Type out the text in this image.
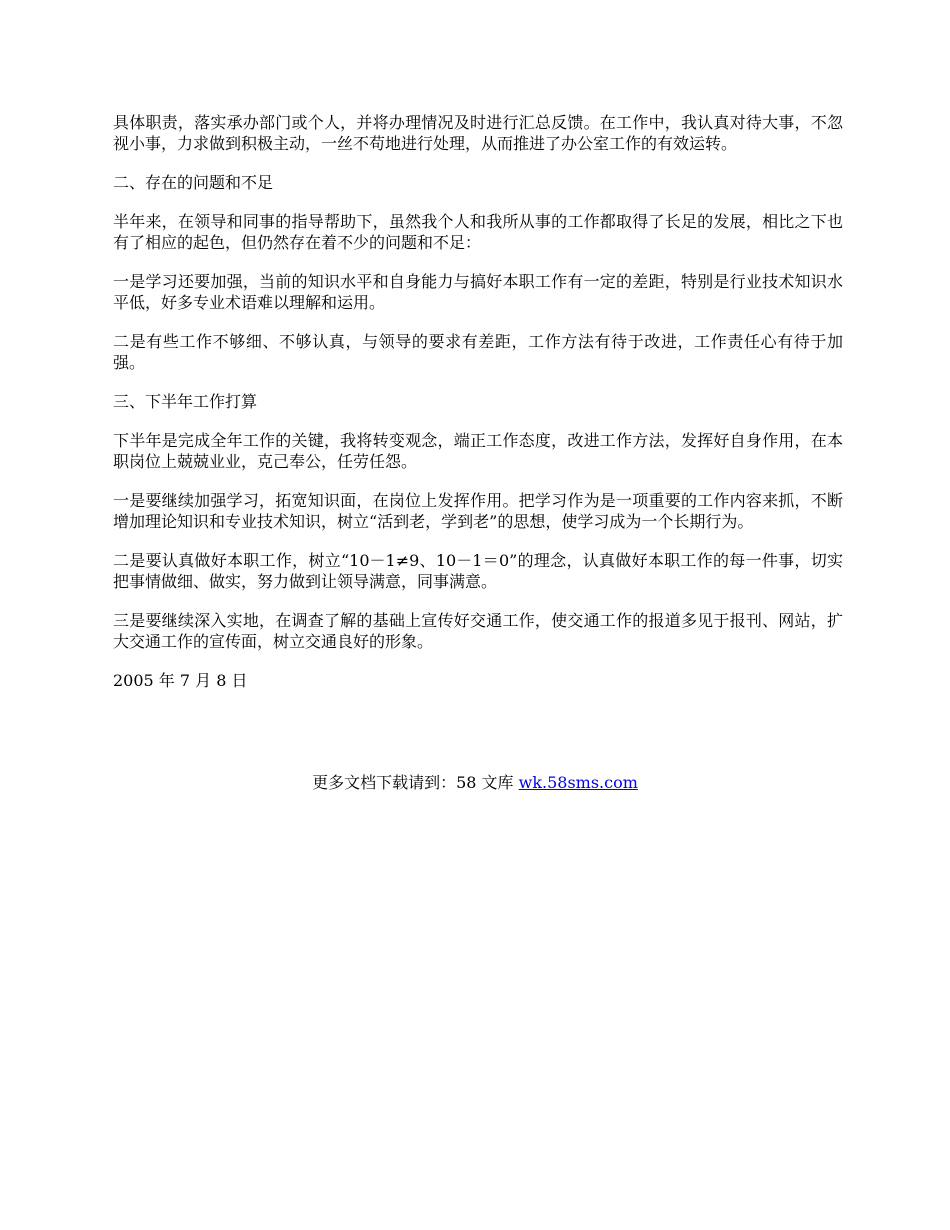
具体职责，落实承办部门或个人，并将办理情况及时进行汇总反馈。在工作中，我认真对待大事，不忽视小事，力求做到积极主动，一丝不苟地进行处理，从而推进了办公室工作的有效运转。

二、存在的问题和不足

半年来，在领导和同事的指导帮助下，虽然我个人和我所从事的工作都取得了长足的发展，相比之下也有了相应的起色，但仍然存在着不少的问题和不足：

一是学习还要加强，当前的知识水平和自身能力与搞好本职工作有一定的差距，特别是行业技术知识水平低，好多专业术语难以理解和运用。

二是有些工作不够细、不够认真，与领导的要求有差距，工作方法有待于改进，工作责任心有待于加强。

三、下半年工作打算

下半年是完成全年工作的关键，我将转变观念，端正工作态度，改进工作方法，发挥好自身作用，在本职岗位上兢兢业业，克己奉公，任劳任怨。

一是要继续加强学习，拓宽知识面，在岗位上发挥作用。把学习作为是一项重要的工作内容来抓，不断增加理论知识和专业技术知识，树立“活到老，学到老”的思想，使学习成为一个长期行为。

二是要认真做好本职工作，树立“10－1≠9、10－1＝0”的理念，认真做好本职工作的每一件事，切实把事情做细、做实，努力做到让领导满意，同事满意。

三是要继续深入实地，在调查了解的基础上宣传好交通工作，使交通工作的报道多见于报刊、网站，扩大交通工作的宣传面，树立交通良好的形象。

2005 年 7 月 8 日

更多文档下载请到：58 文库 wk.58sms.com
